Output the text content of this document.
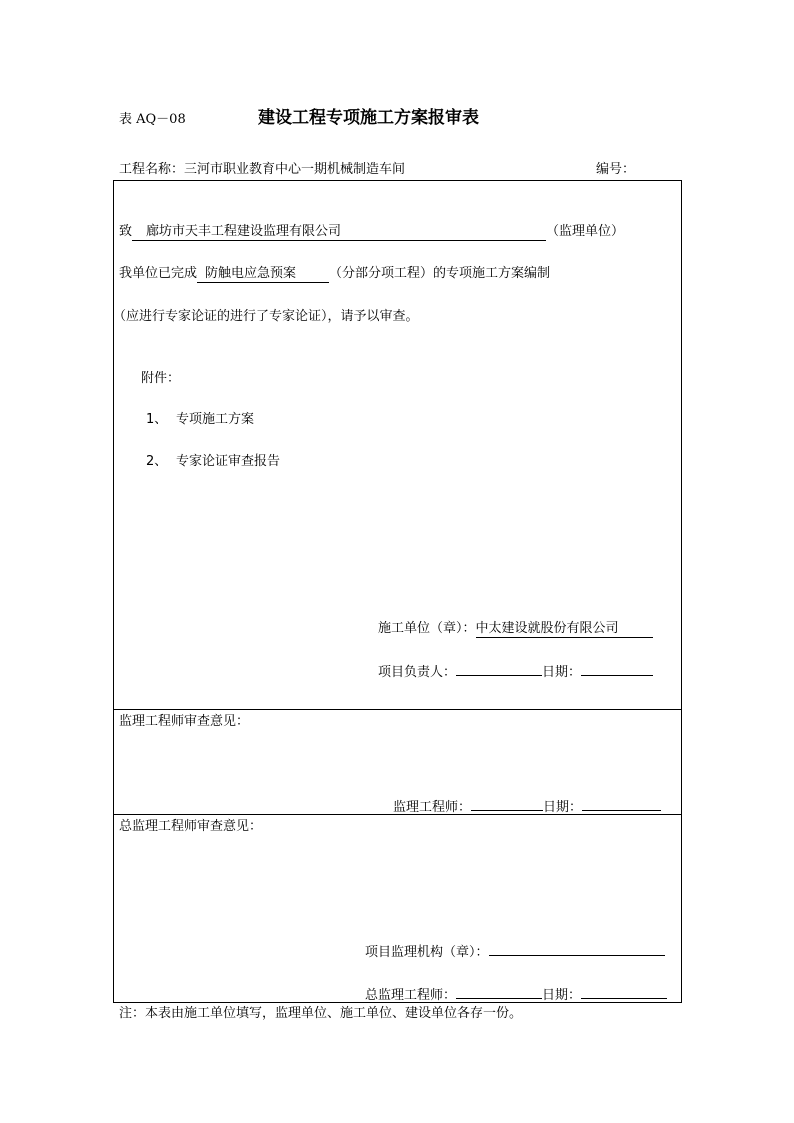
表 AQ－08	建设工程专项施工方案报审表
工程名称：三河市职业教育中心一期机械制造车间	编号：
致 廊坊市天丰工程建设监理有限公司	（监理单位）
我单位已完成 防触电应急预案	（分部分项工程）的专项施工方案编制
（应进行专家论证的进行了专家论证），请予以审查。
附件：
1、 专项施工方案
2、 专家论证审查报告
施工单位（章）：中太建设就股份有限公司
项目负责人：	日期：
监理工程师审查意见：
监理工程师：	日期：
总监理工程师审查意见：
项目监理机构（章）：
总监理工程师：	日期：
注：本表由施工单位填写，监理单位、施工单位、建设单位各存一份。
